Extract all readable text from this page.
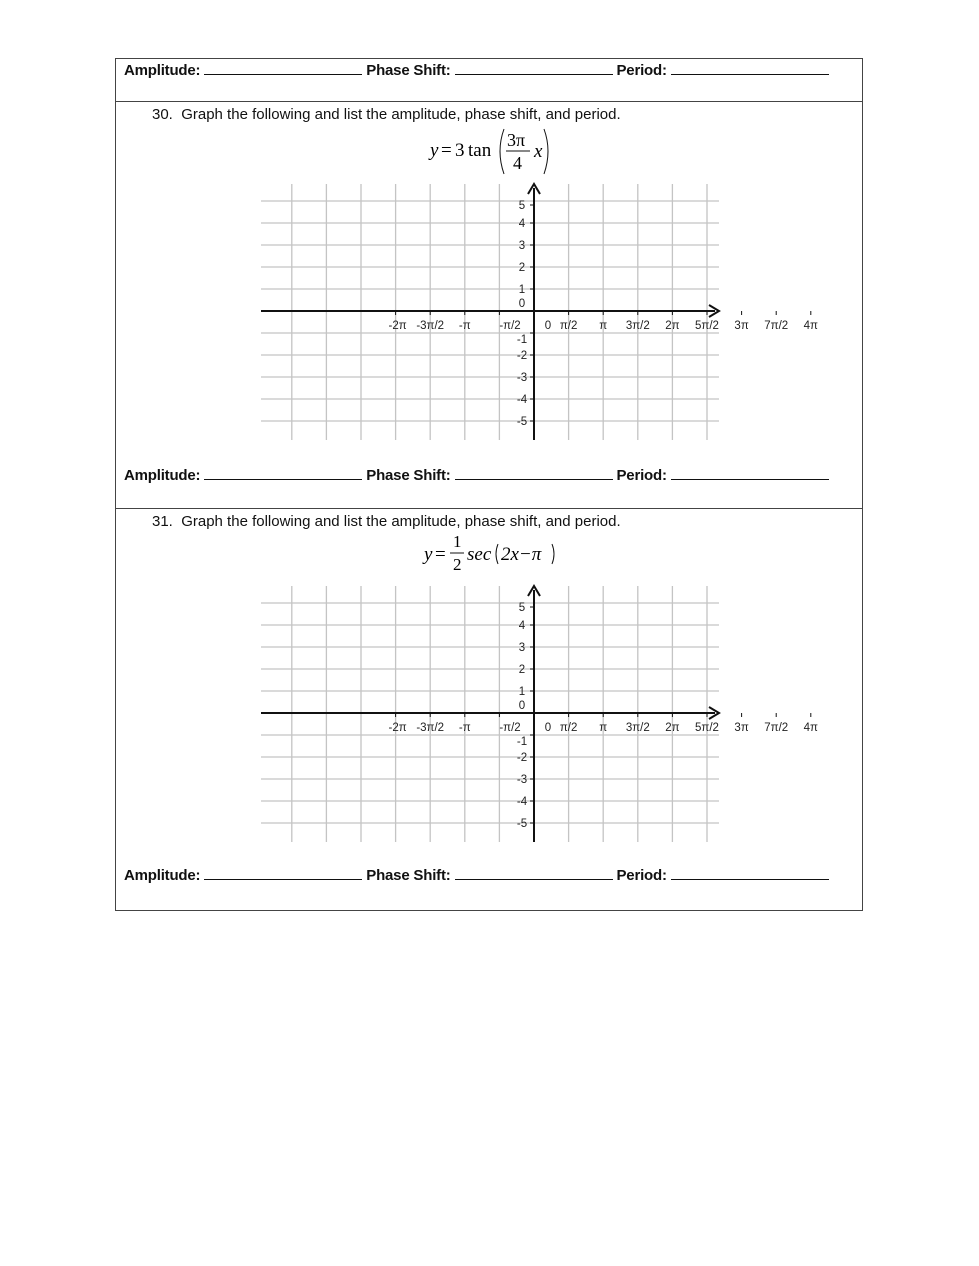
Amplitude:	Phase Shift:	Period:
30. Graph the following and list the amplitude, phase shift, and period.
y = 3 tan 3π
4
x
5
4
3
2
1
0
-1
-2
-3
-4
-5
-2π -3π/2 -π -π/2 0 π/2 π 3π/2 2π 5π/2 3π 7π/2 4π
Amplitude:	Phase Shift:	Period:
31. Graph the following and list the amplitude, phase shift, and period.
y =
1
2 sec 2x−π
5
4
3
2
1
0
-1
-2
-3
-4
-5
-2π -3π/2 -π -π/2 0 π/2 π 3π/2 2π 5π/2 3π 7π/2 4π
Amplitude:	Phase Shift:	Period:
